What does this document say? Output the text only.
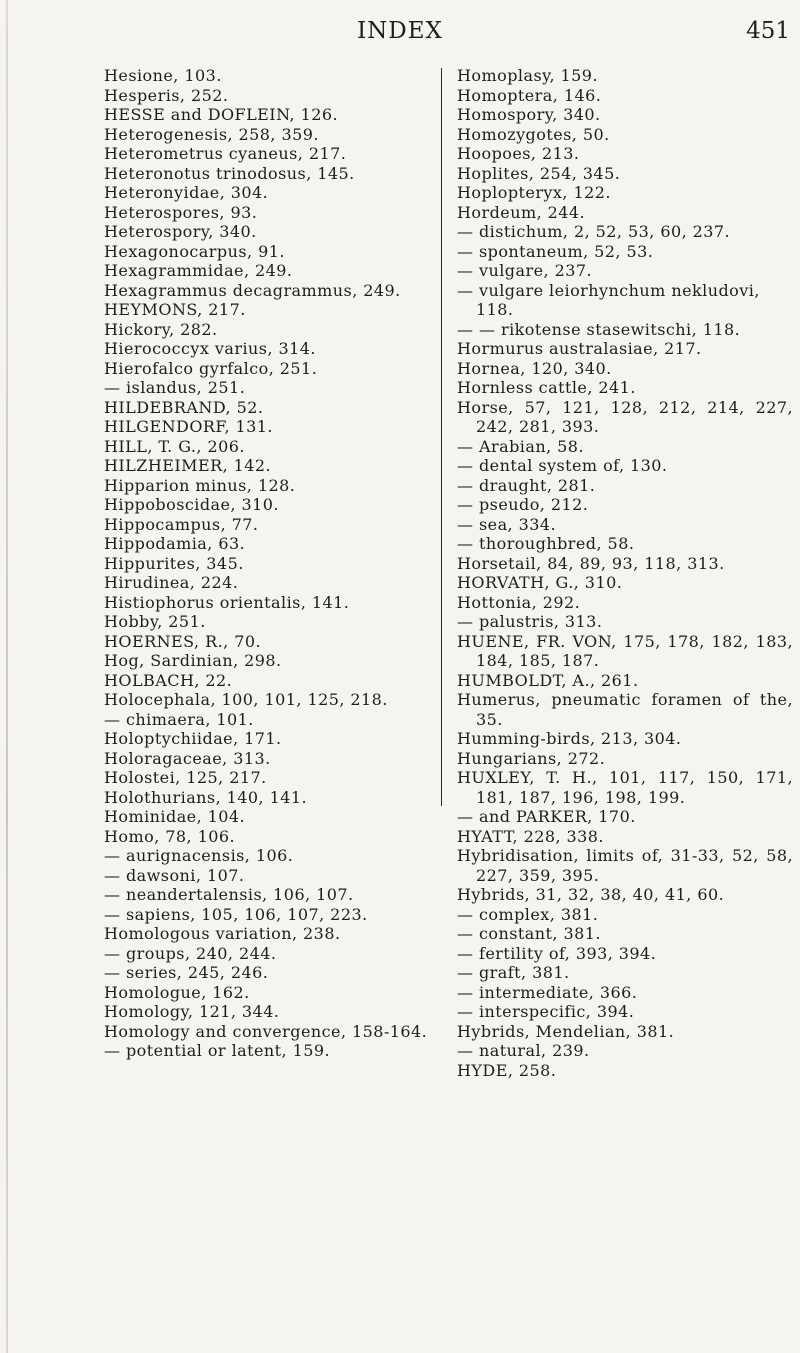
INDEX	451
Hesione, 103.
Hesperis, 252.
HESSE and DOFLEIN, 126.
Heterogenesis, 258, 359.
Heterometrus cyaneus, 217.
Heteronotus trinodosus, 145.
Heteronyidae, 304.
Heterospores, 93.
Heterospory, 340.
Hexagonocarpus, 91.
Hexagrammidae, 249.
Hexagrammus decagrammus, 249.
HEYMONS, 217.
Hickory, 282.
Hierococcyx varius, 314.
Hierofalco gyrfalco, 251.
— islandus, 251.
HILDEBRAND, 52.
HILGENDORF, 131.
HILL, T. G., 206.
HILZHEIMER, 142.
Hipparion minus, 128.
Hippoboscidae, 310.
Hippocampus, 77.
Hippodamia, 63.
Hippurites, 345.
Hirudinea, 224.
Histiophorus orientalis, 141.
Hobby, 251.
HOERNES, R., 70.
Hog, Sardinian, 298.
HOLBACH, 22.
Holocephala, 100, 101, 125, 218.
— chimaera, 101.
Holoptychiidae, 171.
Holoragaceae, 313.
Holostei, 125, 217.
Holothurians, 140, 141.
Hominidae, 104.
Homo, 78, 106.
— aurignacensis, 106.
— dawsoni, 107.
— neandertalensis, 106, 107.
— sapiens, 105, 106, 107, 223.
Homologous variation, 238.
— groups, 240, 244.
— series, 245, 246.
Homologue, 162.
Homology, 121, 344.
Homology and convergence, 158-164.
— potential or latent, 159.
Homoplasy, 159.
Homoptera, 146.
Homospory, 340.
Homozygotes, 50.
Hoopoes, 213.
Hoplites, 254, 345.
Hoplopteryx, 122.
Hordeum, 244.
— distichum, 2, 52, 53, 60, 237.
— spontaneum, 52, 53.
— vulgare, 237.
— vulgare leiorhynchum nekludovi, 118.
— — rikotense stasewitschi, 118.
Hormurus australasiae, 217.
Hornea, 120, 340.
Hornless cattle, 241.
Horse, 57, 121, 128, 212, 214, 227, 242, 281, 393.
— Arabian, 58.
— dental system of, 130.
— draught, 281.
— pseudo, 212.
— sea, 334.
— thoroughbred, 58.
Horsetail, 84, 89, 93, 118, 313.
HORVATH, G., 310.
Hottonia, 292.
— palustris, 313.
HUENE, FR. VON, 175, 178, 182, 183, 184, 185, 187.
HUMBOLDT, A., 261.
Humerus, pneumatic foramen of the, 35.
Humming-birds, 213, 304.
Hungarians, 272.
HUXLEY, T. H., 101, 117, 150, 171, 181, 187, 196, 198, 199.
— and PARKER, 170.
HYATT, 228, 338.
Hybridisation, limits of, 31-33, 52, 58, 227, 359, 395.
Hybrids, 31, 32, 38, 40, 41, 60.
— complex, 381.
— constant, 381.
— fertility of, 393, 394.
— graft, 381.
— intermediate, 366.
— interspecific, 394.
Hybrids, Mendelian, 381.
— natural, 239.
HYDE, 258.
